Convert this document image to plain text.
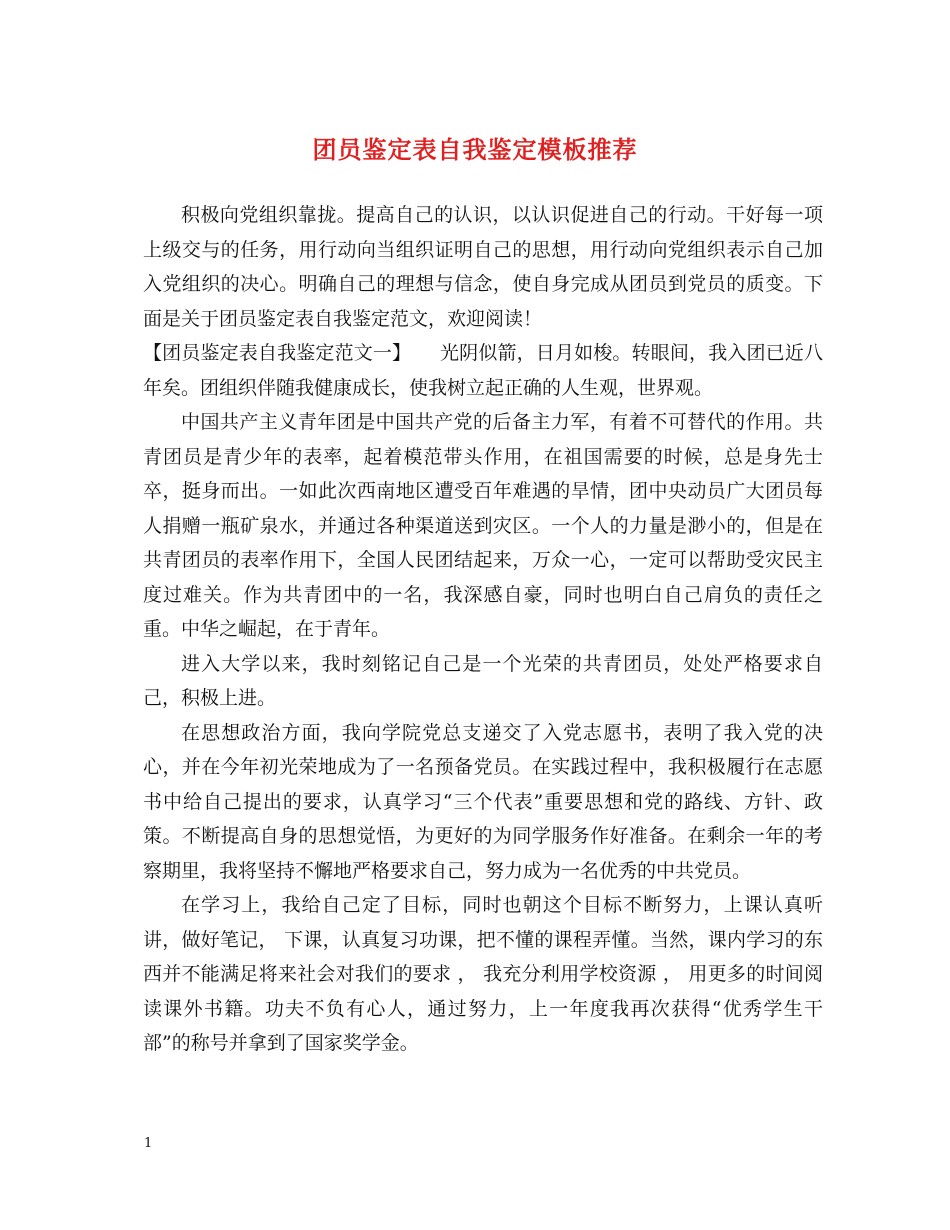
团员鉴定表自我鉴定模板推荐

积极向党组织靠拢。提高自己的认识，以认识促进自己的行动。干好每一项上级交与的任务，用行动向当组织证明自己的思想，用行动向党组织表示自己加入党组织的决心。明确自己的理想与信念，使自身完成从团员到党员的质变。下面是关于团员鉴定表自我鉴定范文，欢迎阅读！

【团员鉴定表自我鉴定范文一】　　光阴似箭，日月如梭。转眼间，我入团已近八年矣。团组织伴随我健康成长，使我树立起正确的人生观，世界观。

中国共产主义青年团是中国共产党的后备主力军，有着不可替代的作用。共青团员是青少年的表率，起着模范带头作用，在祖国需要的时候，总是身先士卒，挺身而出。一如此次西南地区遭受百年难遇的旱情，团中央动员广大团员每人捐赠一瓶矿泉水，并通过各种渠道送到灾区。一个人的力量是渺小的，但是在共青团员的表率作用下，全国人民团结起来，万众一心，一定可以帮助受灾民主度过难关。作为共青团中的一名，我深感自豪，同时也明白自己肩负的责任之重。中华之崛起，在于青年。

进入大学以来，我时刻铭记自己是一个光荣的共青团员，处处严格要求自己，积极上进。

在思想政治方面，我向学院党总支递交了入党志愿书，表明了我入党的决心，并在今年初光荣地成为了一名预备党员。在实践过程中，我积极履行在志愿书中给自己提出的要求，认真学习“三个代表”重要思想和党的路线、方针、政策。不断提高自身的思想觉悟，为更好的为同学服务作好准备。在剩余一年的考察期里，我将坚持不懈地严格要求自己，努力成为一名优秀的中共党员。

在学习上，我给自己定了目标，同时也朝这个目标不断努力，上课认真听讲，做好笔记， 下课，认真复习功课，把不懂的课程弄懂。当然，课内学习的东西并不能满足将来社会对我们的要求 ， 我充分利用学校资源 ， 用更多的时间阅读课外书籍。功夫不负有心人，通过努力，上一年度我再次获得“优秀学生干部”的称号并拿到了国家奖学金。

1
